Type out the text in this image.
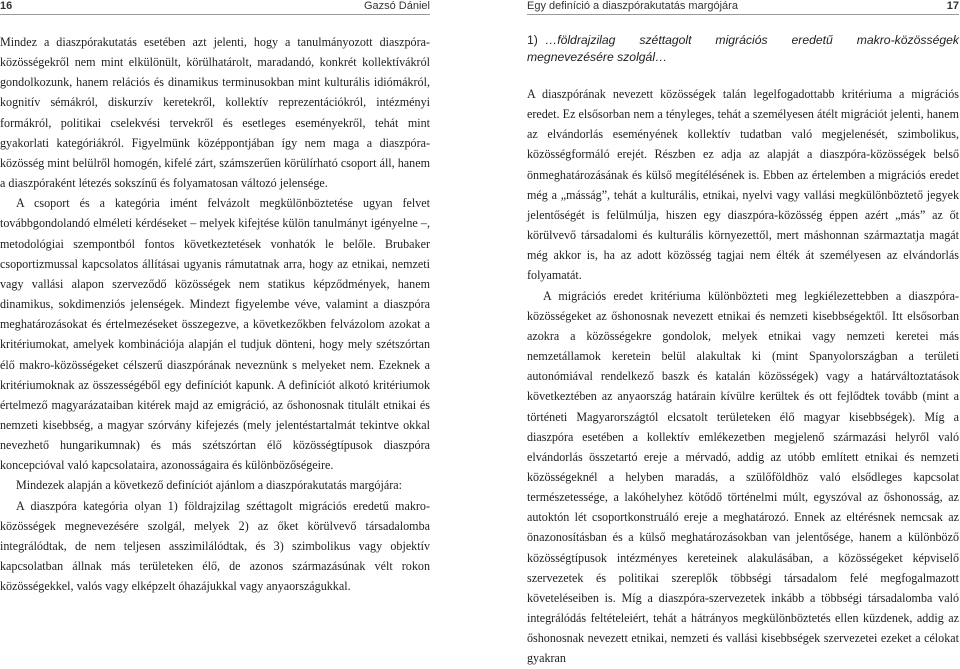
16	Gazsó Dániel

Mindez a diaszpórakutatás esetében azt jelenti, hogy a tanulmányozott diaszpóra-közösségekről nem mint elkülönült, körülhatárolt, maradandó, konkrét kollektívákról gondolkozunk, hanem relációs és dinamikus terminusokban mint kulturális idiómákról, kognitív sémákról, diskurzív keretekről, kollektív reprezentációkról, intézményi formákról, politikai cselekvési tervekről és esetleges eseményekről, tehát mint gyakorlati kategóriákról. Figyelmünk középpontjában így nem maga a diaszpóra-közösség mint belülről homogén, kifelé zárt, számszerűen körülírható csoport áll, hanem a diaszpóraként létezés sokszínű és folyamatosan változó jelensége.

A csoport és a kategória imént felvázolt megkülönböztetése ugyan felvet továbbgondolandó elméleti kérdéseket – melyek kifejtése külön tanulmányt igényelne –, metodológiai szempontból fontos következtetések vonhatók le belőle. Brubaker csoportizmussal kapcsolatos állításai ugyanis rámutatnak arra, hogy az etnikai, nemzeti vagy vallási alapon szerveződő közösségek nem statikus képződmények, hanem dinamikus, sokdimenziós jelenségek. Mindezt figyelembe véve, valamint a diaszpóra meghatározásokat és értelmezéseket összegezve, a következőkben felvázolom azokat a kritériumokat, amelyek kombinációja alapján el tudjuk dönteni, hogy mely szétszórtan élő makro-közösségeket célszerű diaszpórának neveznünk s melyeket nem. Ezeknek a kritériumoknak az összességéből egy definíciót kapunk. A definíciót alkotó kritériumok értelmező magyarázataiban kitérek majd az emigráció, az őshonosnak titulált etnikai és nemzeti kisebbség, a magyar szórvány kifejezés (mely jelentéstartalmát tekintve okkal nevezhető hungarikumnak) és más szétszórtan élő közösségtípusok diaszpóra koncepcióval való kapcsolataira, azonosságaira és különbözőségeire.

Mindezek alapján a következő definíciót ajánlom a diaszpórakutatás margójára:

A diaszpóra kategória olyan 1) földrajzilag széttagolt migrációs eredetű makro-közösségek megnevezésére szolgál, melyek 2) az őket körülvevő társadalomba integrálódtak, de nem teljesen asszimilálódtak, és 3) szimbolikus vagy objektív kapcsolatban állnak más területeken élő, de azonos származásúnak vélt rokon közösségekkel, valós vagy elképzelt óhazájukkal vagy anyaországukkal.

Egy definíció a diaszpórakutatás margójára	17
1) …földrajzilag széttagolt migrációs eredetű makro-közösségek megnevezésére szolgál…

A diaszpórának nevezett közösségek talán legelfogadottabb kritériuma a migrációs eredet. Ez elsősorban nem a tényleges, tehát a személyesen átélt migrációt jelenti, hanem az elvándorlás eseményének kollektív tudatban való megjelenését, szimbolikus, közösségformáló erejét. Részben ez adja az alapját a diaszpóra-közösségek belső önmeghatározásának és külső megítélésének is. Ebben az értelemben a migrációs eredet még a „másság”, tehát a kulturális, etnikai, nyelvi vagy vallási megkülönböztető jegyek jelentőségét is felülmúlja, hiszen egy diaszpóra-közösség éppen azért „más” az őt körülvevő társadalomi és kulturális környezettől, mert máshonnan származtatja magát még akkor is, ha az adott közösség tagjai nem élték át személyesen az elvándorlás folyamatát.

A migrációs eredet kritériuma különbözteti meg legkiélezettebben a diaszpóra-közösségeket az őshonosnak nevezett etnikai és nemzeti kisebbségektől. Itt elsősorban azokra a közösségekre gondolok, melyek etnikai vagy nemzeti keretei más nemzetállamok keretein belül alakultak ki (mint Spanyolországban a területi autonómiával rendelkező baszk és katalán közösségek) vagy a határváltoztatások következtében az anyaország határain kívülre kerültek és ott fejlődtek tovább (mint a történeti Magyarországtól elcsatolt területeken élő magyar kisebbségek). Míg a diaszpóra esetében a kollektív emlékezetben megjelenő származási helyről való elvándorlás összetartó ereje a mérvadó, addig az utóbb említett etnikai és nemzeti közösségeknél a helyben maradás, a szülőföldhöz való elsődleges kapcsolat természetessége, a lakóhelyhez kötődő történelmi múlt, egyszóval az őshonosság, az autoktón lét csoportkonstruáló ereje a meghatározó. Ennek az eltérésnek nemcsak az önazonosításban és a külső meghatározásokban van jelentősége, hanem a különböző közösségtípusok intézményes kereteinek alakulásában, a közösségeket képviselő szervezetek és politikai szereplők többségi társadalom felé megfogalmazott követeléseiben is. Míg a diaszpóra-szervezetek inkább a többségi társadalomba való integrálódás feltételeiért, tehát a hátrányos megkülönböztetés ellen küzdenek, addig az őshonosnak nevezett etnikai, nemzeti és vallási kisebbségek szervezetei ezeket a célokat gyakran
